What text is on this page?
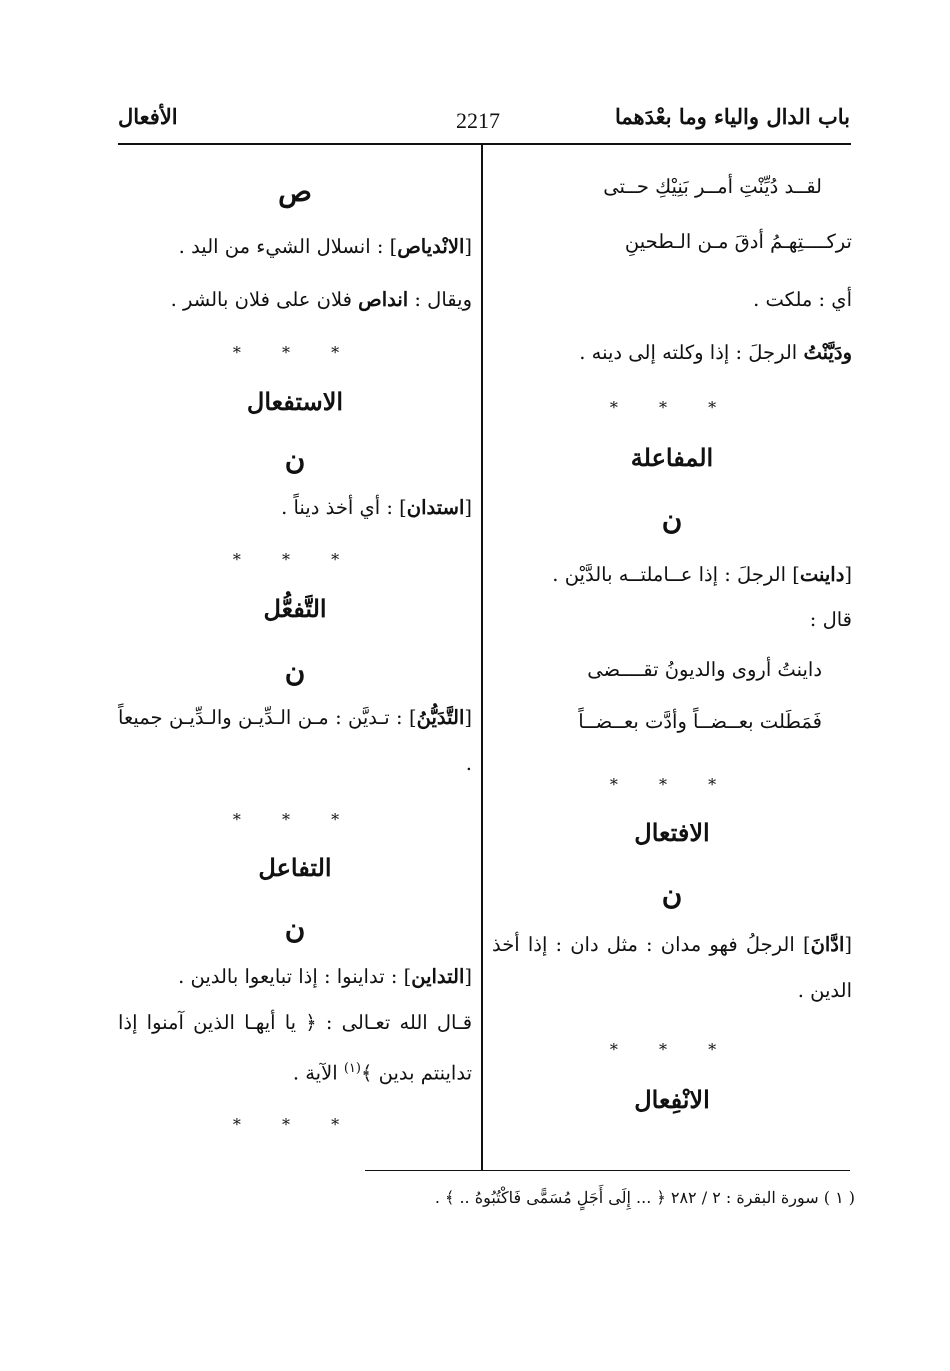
باب الدال والياء وما بعْدَهما
2217
الأفعال
لقــد دُيِّنْتِ أمــر بَنِيْكِ حــتى
تركــــتِهـمُ أدقَ مـن الـطحينِ
أي : ملكت .
ودَيَّنْتُ الرجلَ : إذا وكلته إلى دينه .
* * *
المفاعلة
ن
[داينت] الرجلَ : إذا عــاملتــه بالدَّيْن .
قال :
داينتُ أروى والديونُ تقــــضى
فَمَطَلت بعــضــاً وأدَّت بعــضــاً
* * *
الافتعال
ن
[ادَّانَ] الرجلُ فهو مدان : مثل دان : إذا أخذ الدين .
* * *
الانْفِعال
ص
[الانْدياص] : انسلال الشيء من اليد .
ويقال : انداص فلان على فلان بالشر .
* * *
الاستفعال
ن
[استدان] : أي أخذ ديناً .
* * *
التَّفعُّل
ن
[التَّدَيُّنُ] : تـديَّن : مـن الـدِّيـن والـدِّيـن جميعاً .
* * *
التفاعل
ن
[التداين] : تداينوا : إذا تبايعوا بالدين .
قـال الله تعـالى : ﴿ يا أيهـا الذين آمنوا إذا تداينتم بدين ﴾$^{(١)}$ الآية .
* * *
( ١ ) سورة البقرة : ٢ / ٢٨٢ ﴿ ... إِلَى أَجَلٍ مُسَمًّى فَاكْتُبُوهُ .. ﴾ .
